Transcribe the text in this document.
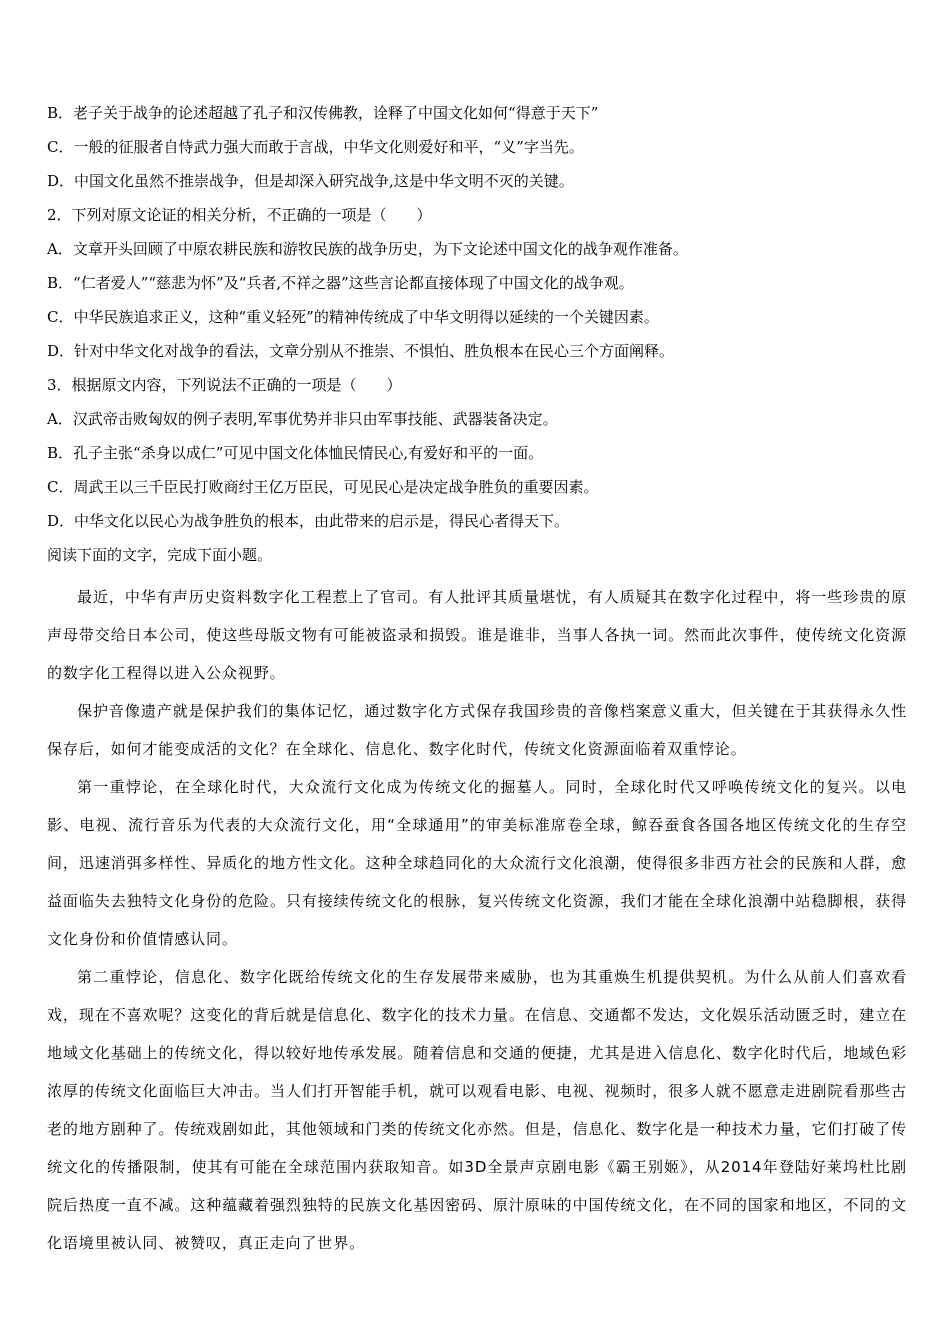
B．老子关于战争的论述超越了孔子和汉传佛教，诠释了中国文化如何“得意于天下”
C．一般的征服者自恃武力强大而敢于言战，中华文化则爱好和平，“义”字当先。
D．中国文化虽然不推崇战争，但是却深入研究战争,这是中华文明不灭的关键。
2．下列对原文论证的相关分析，不正确的一项是（　　）
A．文章开头回顾了中原农耕民族和游牧民族的战争历史，为下文论述中国文化的战争观作准备。
B．“仁者爱人”“慈悲为怀”及“兵者,不祥之器”这些言论都直接体现了中国文化的战争观。
C．中华民族追求正义，这种“重义轻死”的精神传统成了中华文明得以延续的一个关键因素。
D．针对中华文化对战争的看法，文章分别从不推崇、不惧怕、胜负根本在民心三个方面阐释。
3．根据原文内容，下列说法不正确的一项是（　　）
A．汉武帝击败匈奴的例子表明,军事优势并非只由军事技能、武器装备决定。
B．孔子主张“杀身以成仁”可见中国文化体恤民情民心,有爱好和平的一面。
C．周武王以三千臣民打败商纣王亿万臣民，可见民心是决定战争胜负的重要因素。
D．中华文化以民心为战争胜负的根本，由此带来的启示是，得民心者得天下。
阅读下面的文字，完成下面小题。

最近，中华有声历史资料数字化工程惹上了官司。有人批评其质量堪忧，有人质疑其在数字化过程中，将一些珍贵的原声母带交给日本公司，使这些母版文物有可能被盗录和损毁。谁是谁非，当事人各执一词。然而此次事件，使传统文化资源的数字化工程得以进入公众视野。

保护音像遗产就是保护我们的集体记忆，通过数字化方式保存我国珍贵的音像档案意义重大，但关键在于其获得永久性保存后，如何才能变成活的文化？在全球化、信息化、数字化时代，传统文化资源面临着双重悖论。

第一重悖论，在全球化时代，大众流行文化成为传统文化的掘墓人。同时，全球化时代又呼唤传统文化的复兴。以电影、电视、流行音乐为代表的大众流行文化，用“全球通用”的审美标准席卷全球，鲸吞蚕食各国各地区传统文化的生存空间，迅速消弭多样性、异质化的地方性文化。这种全球趋同化的大众流行文化浪潮，使得很多非西方社会的民族和人群，愈益面临失去独特文化身份的危险。只有接续传统文化的根脉，复兴传统文化资源，我们才能在全球化浪潮中站稳脚根，获得文化身份和价值情感认同。

第二重悖论，信息化、数字化既给传统文化的生存发展带来威胁，也为其重焕生机提供契机。为什么从前人们喜欢看戏，现在不喜欢呢？这变化的背后就是信息化、数字化的技术力量。在信息、交通都不发达，文化娱乐活动匮乏时，建立在地域文化基础上的传统文化，得以较好地传承发展。随着信息和交通的便捷，尤其是进入信息化、数字化时代后，地域色彩浓厚的传统文化面临巨大冲击。当人们打开智能手机，就可以观看电影、电视、视频时，很多人就不愿意走进剧院看那些古老的地方剧种了。传统戏剧如此，其他领域和门类的传统文化亦然。但是，信息化、数字化是一种技术力量，它们打破了传统文化的传播限制，使其有可能在全球范围内获取知音。如3D全景声京剧电影《霸王别姬》，从2014年登陆好莱坞杜比剧院后热度一直不减。这种蕴藏着强烈独特的民族文化基因密码、原汁原味的中国传统文化，在不同的国家和地区，不同的文化语境里被认同、被赞叹，真正走向了世界。
